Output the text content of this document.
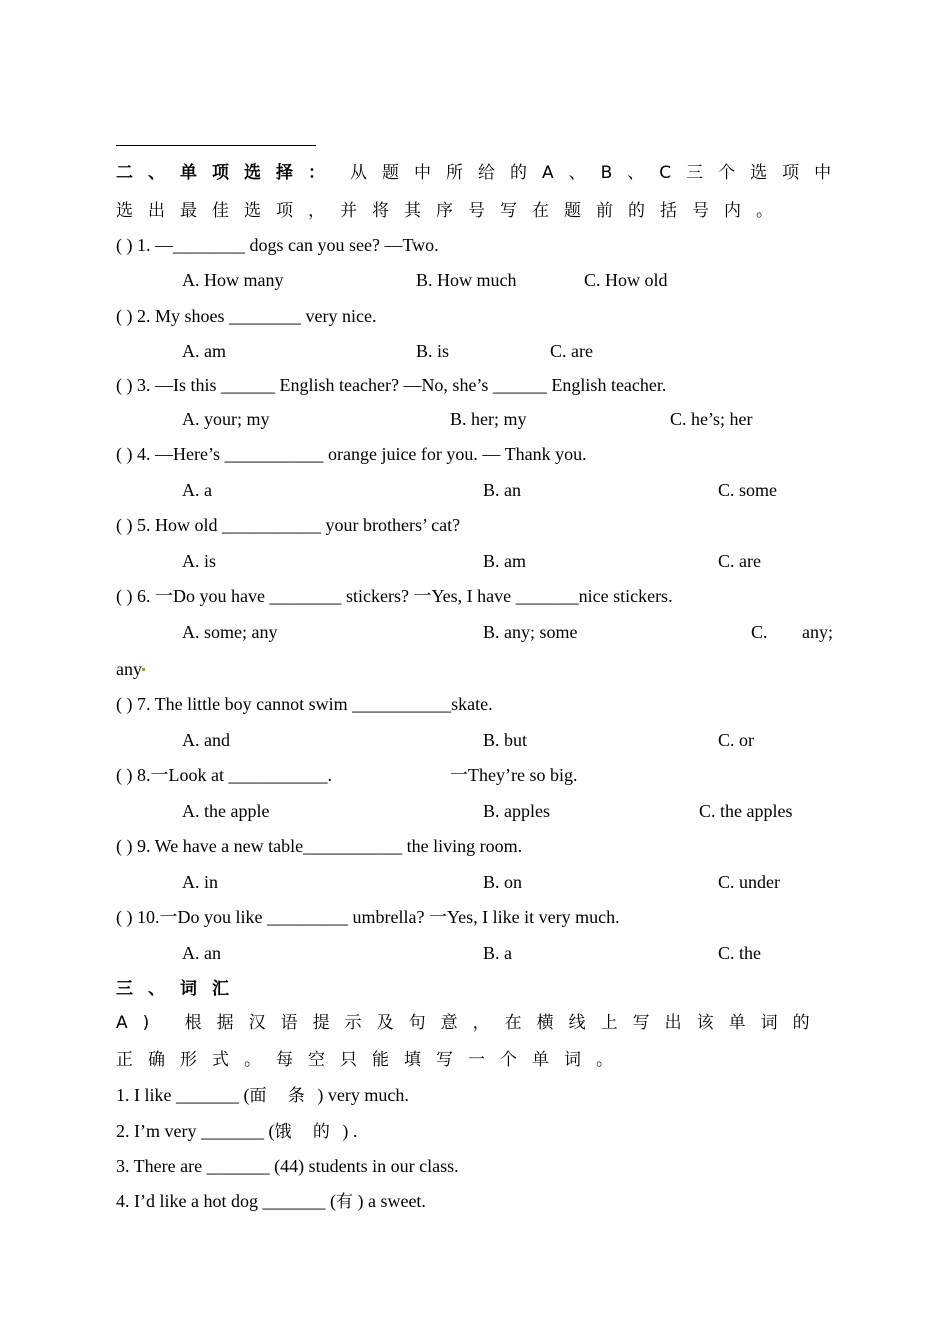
二、单项选择： 从题中所给的A、B、C三个选项中
选出最佳选项，并将其序号写在题前的括号内。
( ) 1. —________ dogs can you see? —Two.
A. How many	B. How much	C. How old
( ) 2. My shoes ________ very nice.
A. am	B. is	C. are
( ) 3. —Is this ______ English teacher? —No, she’s ______ English teacher.
A. your; my	B. her; my	C. he’s; her
( ) 4. —Here’s ___________ orange juice for you. — Thank you.
A. a	B. an	C. some
( ) 5. How old ___________ your brothers’ cat?
A. is	B. am	C. are
( ) 6. 一Do you have ________ stickers? 一Yes, I have _______nice stickers.
A. some; any	B. any; some	C. any;
any
( ) 7. The little boy cannot swim ___________skate.
A. and	B. but	C. or
( ) 8.一Look at ___________.	一They’re so big.
A. the apple	B. apples	C. the apples
( ) 9. We have a new table___________ the living room.
A. in	B. on	C. under
( ) 10.一Do you like _________ umbrella? 一Yes, I like it very much.
A. an	B. a	C. the
三、词汇
A) 根据汉语提示及句意，在横线上写出该单词的
正确形式。每空只能填写一个单词。
1. I like _______ (面 条 ) very much.
2. I’m very _______ (饿 的 ) .
3. There are _______ (44) students in our class.
4. I’d like a hot dog _______ (有 ) a sweet.
